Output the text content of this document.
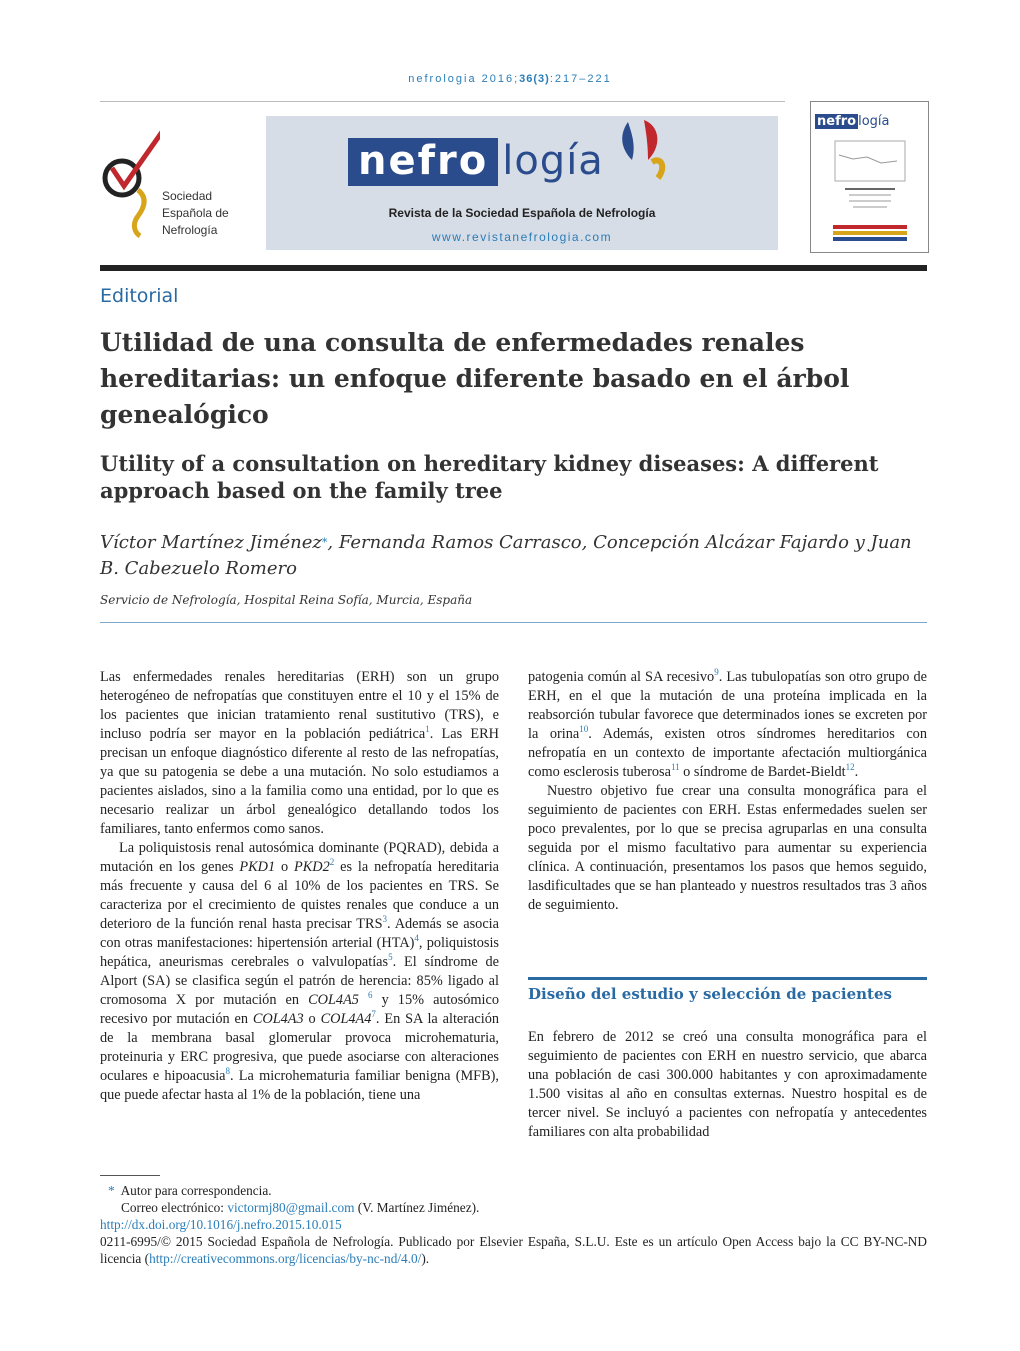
nefrologia 2016;36(3):217–221
Sociedad
Española de
Nefrología
nefro logía
Revista de la Sociedad Española de Nefrología
www.revistanefrologia.com
nefro logía
Editorial
Utilidad de una consulta de enfermedades renales hereditarias: un enfoque diferente basado en el árbol genealógico
Utility of a consultation on hereditary kidney diseases: A different approach based on the family tree
Víctor Martínez Jiménez*, Fernanda Ramos Carrasco, Concepción Alcázar Fajardo y Juan B. Cabezuelo Romero
Servicio de Nefrología, Hospital Reina Sofía, Murcia, España

Las enfermedades renales hereditarias (ERH) son un grupo heterogéneo de nefropatías que constituyen entre el 10 y el 15% de los pacientes que inician tratamiento renal sustitutivo (TRS), e incluso podría ser mayor en la población pediátrica$^1$. Las ERH precisan un enfoque diagnóstico diferente al resto de las nefropatías, ya que su patogenia se debe a una mutación. No solo estudiamos a pacientes aislados, sino a la familia como una entidad, por lo que es necesario realizar un árbol genealógico detallando todos los familiares, tanto enfermos como sanos.

La poliquistosis renal autosómica dominante (PQRAD), debida a mutación en los genes PKD1 o $PKD2^2$ es la nefropatía hereditaria más frecuente y causa del 6 al 10% de los pacientes en TRS. Se caracteriza por el crecimiento de quistes renales que conduce a un deterioro de la función renal hasta precisar TRS$^3$. Además se asocia con otras manifestaciones: hipertensión arterial (HTA)$^4$, poliquistosis hepática, aneurismas cerebrales o valvulopatías$^5$. El síndrome de Alport (SA) se clasifica según el patrón de herencia: 85% ligado al cromosoma X por mutación en COL4A5 $^6$ y 15% autosómico recesivo por mutación en COL4A3 o $COL4A4^7$. En SA la alteración de la membrana basal glomerular provoca microhematuria, proteinuria y ERC progresiva, que puede asociarse con alteraciones oculares e hipoacusia$^8$. La microhematuria familiar benigna (MFB), que puede afectar hasta al 1% de la población, tiene una

patogenia común al SA recesivo$^9$. Las tubulopatías son otro grupo de ERH, en el que la mutación de una proteína implicada en la reabsorción tubular favorece que determinados iones se excreten por la orina$^{10}$. Además, existen otros síndromes hereditarios con nefropatía en un contexto de importante afectación multiorgánica como esclerosis tuberosa$^{11}$ o síndrome de Bardet-Bieldt$^{12}$.

Nuestro objetivo fue crear una consulta monográfica para el seguimiento de pacientes con ERH. Estas enfermedades suelen ser poco prevalentes, por lo que se precisa agruparlas en una consulta seguida por el mismo facultativo para aumentar su experiencia clínica. A continuación, presentamos los pasos que hemos seguido, lasdificultades que se han planteado y nuestros resultados tras 3 años de seguimiento.

Diseño del estudio y selección de pacientes

En febrero de 2012 se creó una consulta monográfica para el seguimiento de pacientes con ERH en nuestro servicio, que abarca una población de casi 300.000 habitantes y con aproximadamente 1.500 visitas al año en consultas externas. Nuestro hospital es de tercer nivel. Se incluyó a pacientes con nefropatía y antecedentes familiares con alta probabilidad

* Autor para correspondencia.
Correo electrónico: victormj80@gmail.com (V. Martínez Jiménez).
http://dx.doi.org/10.1016/j.nefro.2015.10.015
0211-6995/© 2015 Sociedad Española de Nefrología. Publicado por Elsevier España, S.L.U. Este es un artículo Open Access bajo la CC BY-NC-ND licencia (http://creativecommons.org/licencias/by-nc-nd/4.0/).
